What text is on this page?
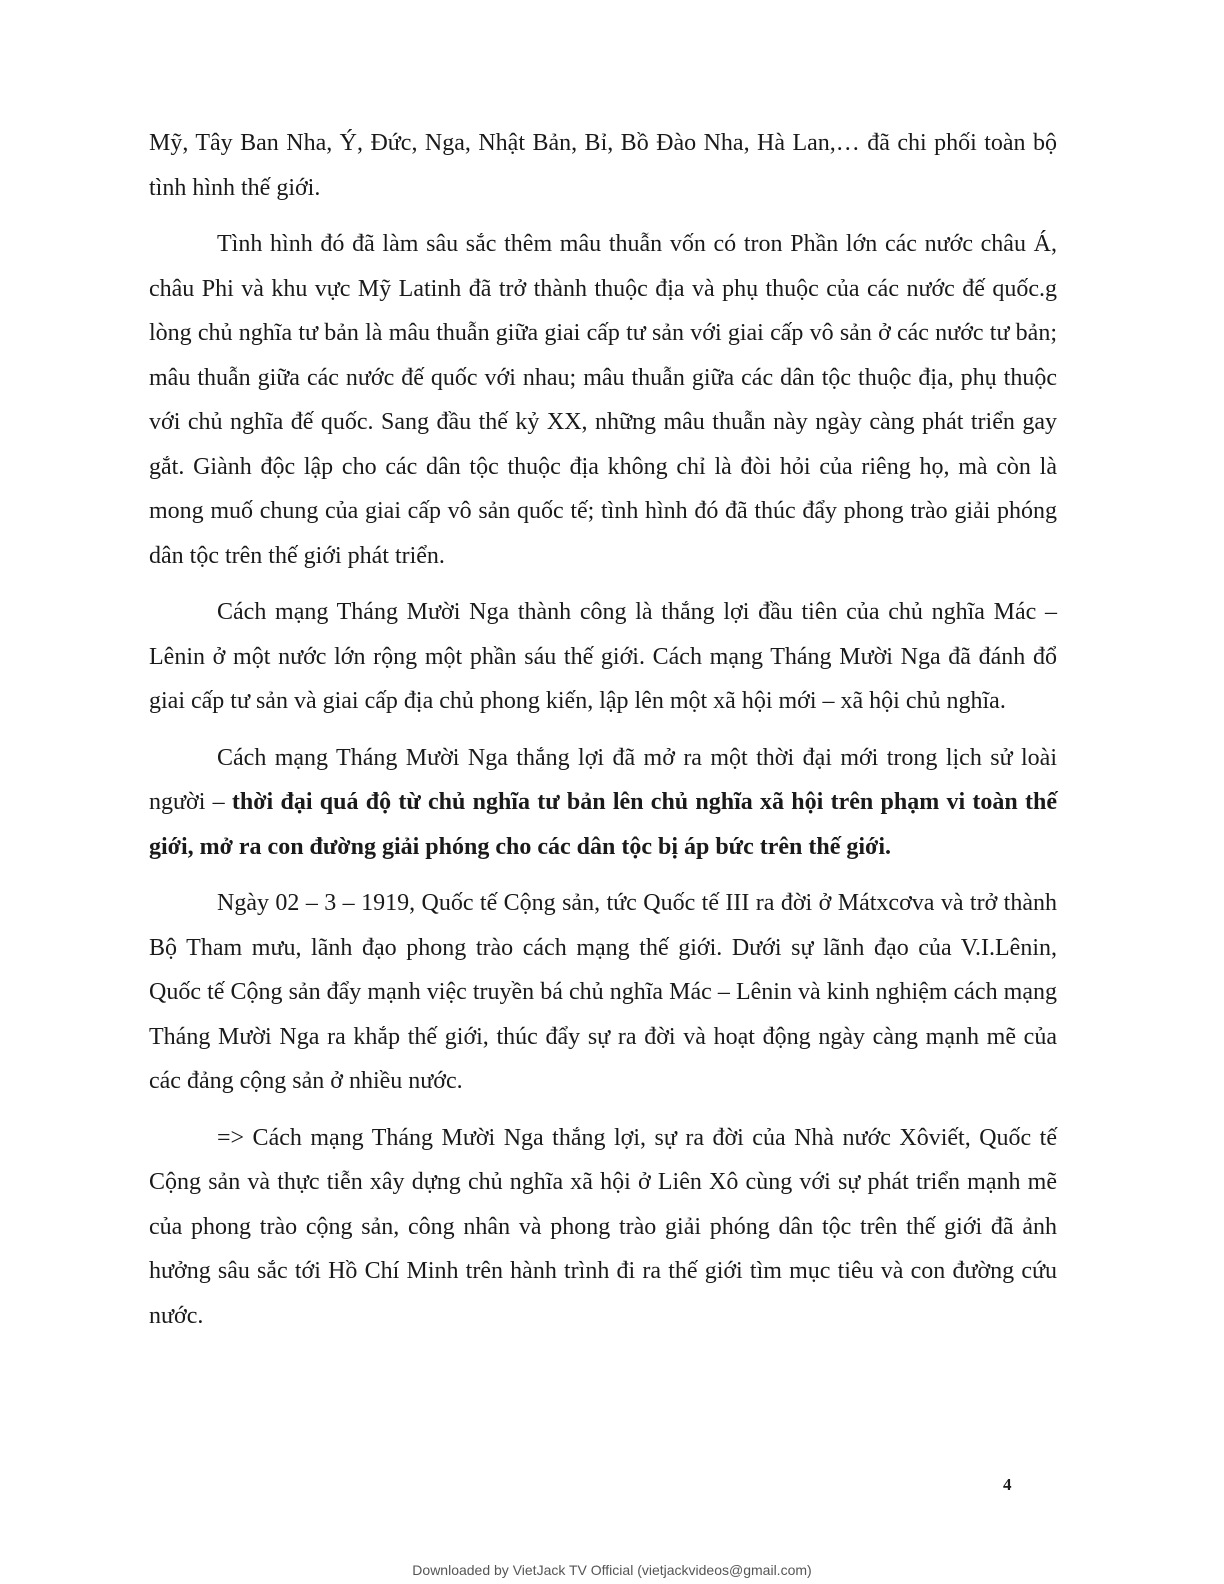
Mỹ, Tây Ban Nha, Ý, Đức, Nga, Nhật Bản, Bỉ, Bồ Đào Nha, Hà Lan,… đã chi phối toàn bộ tình hình thế giới.

Tình hình đó đã làm sâu sắc thêm mâu thuẫn vốn có tron Phần lớn các nước châu Á, châu Phi và khu vực Mỹ Latinh đã trở thành thuộc địa và phụ thuộc của các nước đế quốc.g lòng chủ nghĩa tư bản là mâu thuẫn giữa giai cấp tư sản với giai cấp vô sản ở các nước tư bản; mâu thuẫn giữa các nước đế quốc với nhau; mâu thuẫn giữa các dân tộc thuộc địa, phụ thuộc với chủ nghĩa đế quốc. Sang đầu thế kỷ XX, những mâu thuẫn này ngày càng phát triển gay gắt. Giành độc lập cho các dân tộc thuộc địa không chỉ là đòi hỏi của riêng họ, mà còn là mong muố chung của giai cấp vô sản quốc tế; tình hình đó đã thúc đẩy phong trào giải phóng dân tộc trên thế giới phát triển.

Cách mạng Tháng Mười Nga thành công là thắng lợi đầu tiên của chủ nghĩa Mác – Lênin ở một nước lớn rộng một phần sáu thế giới. Cách mạng Tháng Mười Nga đã đánh đổ giai cấp tư sản và giai cấp địa chủ phong kiến, lập lên một xã hội mới – xã hội chủ nghĩa.

Cách mạng Tháng Mười Nga thắng lợi đã mở ra một thời đại mới trong lịch sử loài người – thời đại quá độ từ chủ nghĩa tư bản lên chủ nghĩa xã hội trên phạm vi toàn thế giới, mở ra con đường giải phóng cho các dân tộc bị áp bức trên thế giới.

Ngày 02 – 3 – 1919, Quốc tế Cộng sản, tức Quốc tế III ra đời ở Mátxcơva và trở thành Bộ Tham mưu, lãnh đạo phong trào cách mạng thế giới. Dưới sự lãnh đạo của V.I.Lênin, Quốc tế Cộng sản đẩy mạnh việc truyền bá chủ nghĩa Mác – Lênin và kinh nghiệm cách mạng Tháng Mười Nga ra khắp thế giới, thúc đẩy sự ra đời và hoạt động ngày càng mạnh mẽ của các đảng cộng sản ở nhiều nước.

=> Cách mạng Tháng Mười Nga thắng lợi, sự ra đời của Nhà nước Xôviết, Quốc tế Cộng sản và thực tiễn xây dựng chủ nghĩa xã hội ở Liên Xô cùng với sự phát triển mạnh mẽ của phong trào cộng sản, công nhân và phong trào giải phóng dân tộc trên thế giới đã ảnh hưởng sâu sắc tới Hồ Chí Minh trên hành trình đi ra thế giới tìm mục tiêu và con đường cứu nước.

4
Downloaded by VietJack TV Official (vietjackvideos@gmail.com)
